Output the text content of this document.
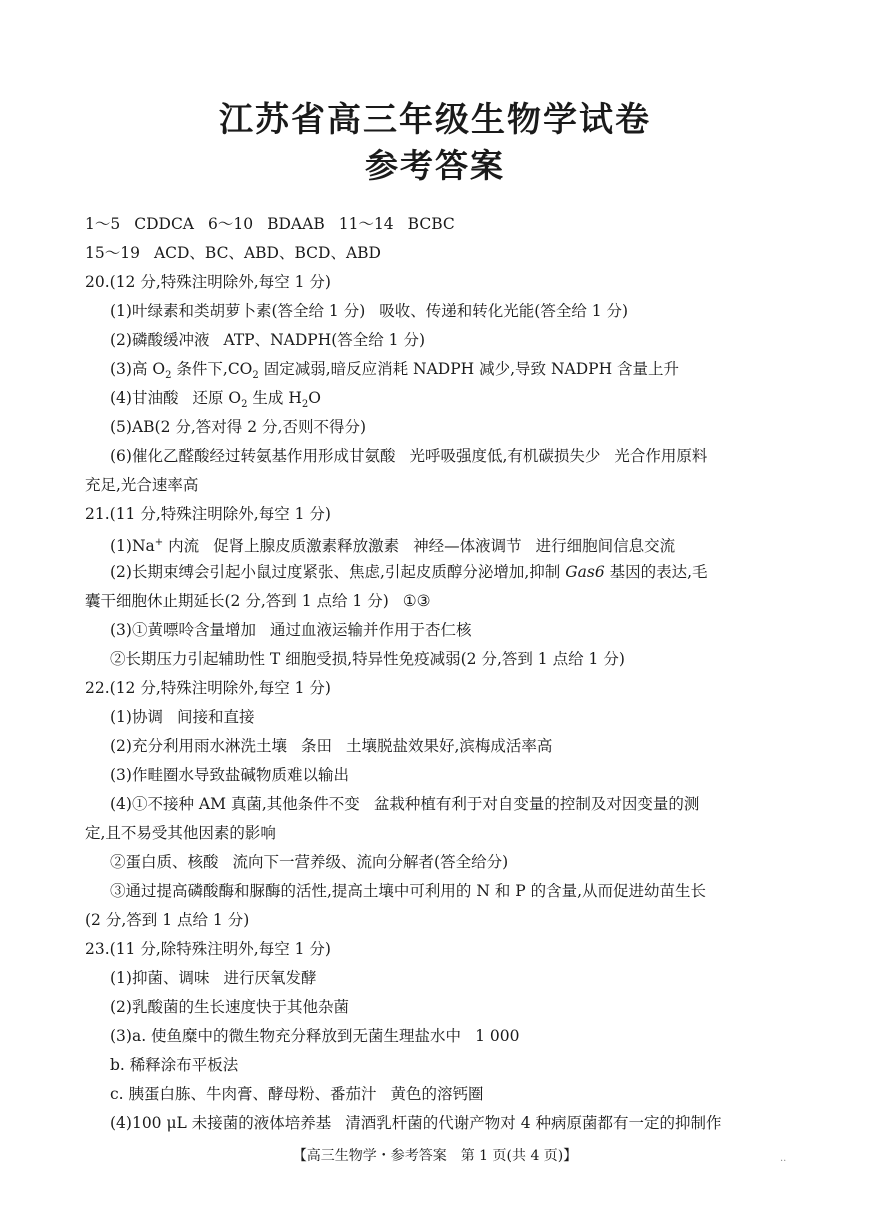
江苏省高三年级生物学试卷
参考答案
1～5 CDDCA 6～10 BDAAB 11～14 BCBC
15～19 ACD、BC、ABD、BCD、ABD
20.(12 分,特殊注明除外,每空 1 分)
(1)叶绿素和类胡萝卜素(答全给 1 分) 吸收、传递和转化光能(答全给 1 分)
(2)磷酸缓冲液 ATP、NADPH(答全给 1 分)
(3)高 $O_2$ 条件下$,CO_2$ 固定减弱,暗反应消耗 NADPH 减少,导致 NADPH 含量上升
(4)甘油酸 还原 $O_2$ 生成 $H_2O$
(5)AB(2 分,答对得 2 分,否则不得分)
(6)催化乙醛酸经过转氨基作用形成甘氨酸 光呼吸强度低,有机碳损失少 光合作用原料
充足,光合速率高
21.(11 分,特殊注明除外,每空 1 分)
(1)Na+ 内流 促肾上腺皮质激素释放激素 神经—体液调节 进行细胞间信息交流
(2)长期束缚会引起小鼠过度紧张、焦虑,引起皮质醇分泌增加,抑制 Gas6 基因的表达,毛
囊干细胞休止期延长(2 分,答到 1 点给 1 分) ①③
(3)①黄嘌呤含量增加 通过血液运输并作用于杏仁核
②长期压力引起辅助性 T 细胞受损,特异性免疫减弱(2 分,答到 1 点给 1 分)
22.(12 分,特殊注明除外,每空 1 分)
(1)协调 间接和直接
(2)充分利用雨水淋洗土壤 条田 土壤脱盐效果好,滨梅成活率高
(3)作畦圈水导致盐碱物质难以输出
(4)①不接种 AM 真菌,其他条件不变 盆栽种植有利于对自变量的控制及对因变量的测
定,且不易受其他因素的影响
②蛋白质、核酸 流向下一营养级、流向分解者(答全给分)
③通过提高磷酸酶和脲酶的活性,提高土壤中可利用的 N 和 P 的含量,从而促进幼苗生长
(2 分,答到 1 点给 1 分)
23.(11 分,除特殊注明外,每空 1 分)
(1)抑菌、调味 进行厌氧发酵
(2)乳酸菌的生长速度快于其他杂菌
(3)a. 使鱼糜中的微生物充分释放到无菌生理盐水中 1 000
b. 稀释涂布平板法
c. 胰蛋白胨、牛肉膏、酵母粉、番茄汁 黄色的溶钙圈
(4)100 μL 未接菌的液体培养基 清酒乳杆菌的代谢产物对 4 种病原菌都有一定的抑制作
【高三生物学・参考答案　第 1 页(共 4 页)】	..
